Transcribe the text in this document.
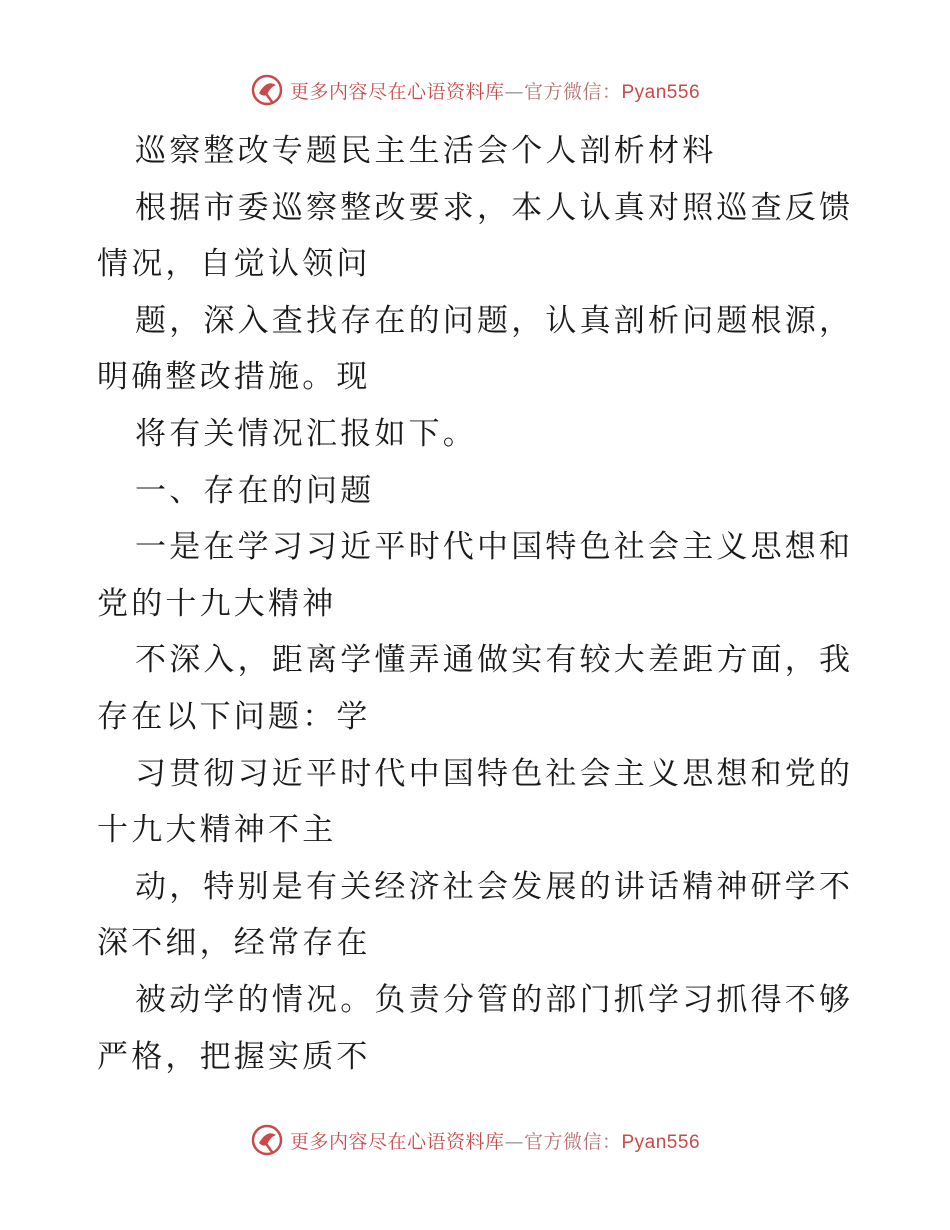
更多内容尽在心语资料库—官方微信：Pyan556
巡察整改专题民主生活会个人剖析材料
根据市委巡察整改要求，本人认真对照巡查反馈
情况，自觉认领问
题，深入查找存在的问题，认真剖析问题根源，
明确整改措施。现
将有关情况汇报如下。
一、存在的问题
一是在学习习近平时代中国特色社会主义思想和
党的十九大精神
不深入，距离学懂弄通做实有较大差距方面，我
存在以下问题：学
习贯彻习近平时代中国特色社会主义思想和党的
十九大精神不主
动，特别是有关经济社会发展的讲话精神研学不
深不细，经常存在
被动学的情况。负责分管的部门抓学习抓得不够
严格，把握实质不
更多内容尽在心语资料库—官方微信：Pyan556
